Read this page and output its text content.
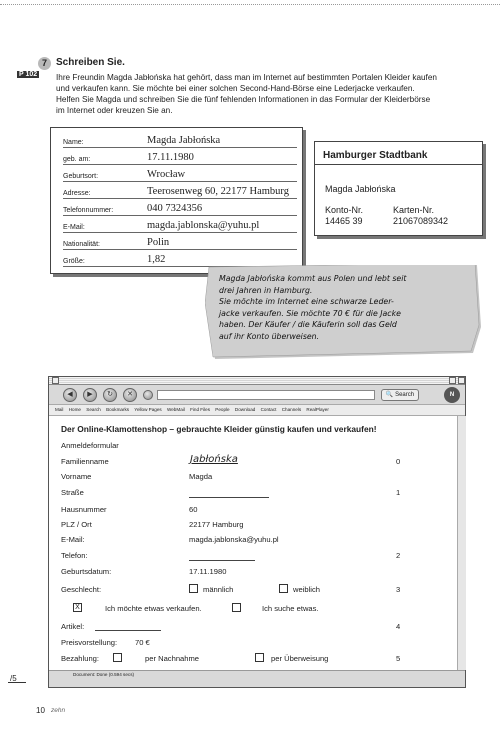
7 Schreiben Sie.
P 102 Ihre Freundin Magda Jabłońska hat gehört, dass man im Internet auf bestimmten Portalen Kleider kaufen

und verkaufen kann. Sie möchte bei einer solchen Second-Hand-Börse eine Lederjacke verkaufen.

Helfen Sie Magda und schreiben Sie die fünf fehlenden Informationen in das Formular der Kleiderbörse

im Internet oder kreuzen Sie an.

Name:	Magda Jabłońska
geb. am:	17.11.1980
Geburtsort:	Wrocław
Adresse:	Teerosenweg 60, 22177 Hamburg
Telefonnummer:	040 7324356
E-Mail:	magda.jablonska@yuhu.pl
Nationalität:	Polin
Größe:	1,82
Hamburger Stadtbank
Magda Jabłońska
Konto-Nr.
14465 39
Karten-Nr.
21067089342
Magda Jabłońska kommt aus Polen und lebt seit
drei Jahren in Hamburg.
Sie möchte im Internet eine schwarze Leder-
jacke verkaufen. Sie möchte 70 € für die Jacke
haben. Der Käufer / die Käuferin soll das Geld
auf ihr Konto überweisen.
◀	▶	↻	✕	🔍 Search	N
Mail Home Search Bookmarks Yellow Pages WebMail Find Files People Download Contact Channels RealPlayer
Der Online-Klamottenshop – gebrauchte Kleider günstig kaufen und verkaufen!
Anmeldeformular
Familienname	Jabłońska	0
Vorname	Magda
Straße	1
Hausnummer	60
PLZ / Ort	22177 Hamburg
E-Mail:	magda.jablonska@yuhu.pl
Telefon:	2
Geburtsdatum:	17.11.1980
Geschlecht:	männlich	weiblich	3
X	Ich möchte etwas verkaufen.	Ich suche etwas.
Artikel:	4
Preisvorstellung: 70 €
Bezahlung:	per Nachnahme	per Überweisung	5
Document: Done (0.594 secs)
/5
10 zehn
